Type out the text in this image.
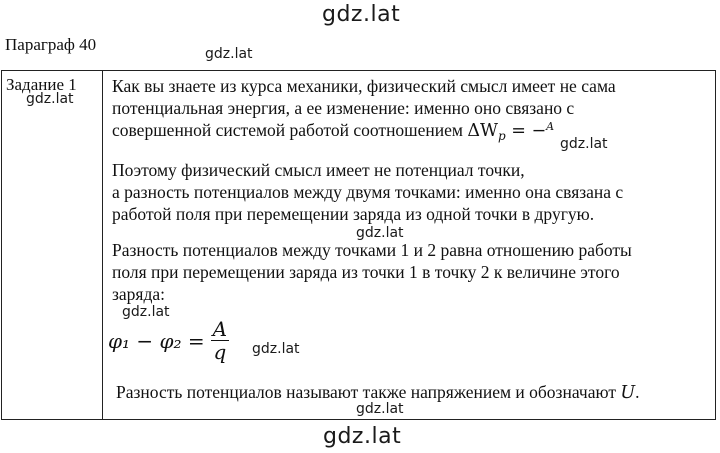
gdz.lat
gdz.lat
gdz.lat
Параграф 40
Задание 1 Как вы знаете из курса механики, физический смысл имеет не сама
потенциальная энергия, а ее изменение: именно оно связано с
совершенной системой работой соотношением $\Delta W_p = -^A$
Поэтому физический смысл имеет не потенциал точки,
а разность потенциалов между двумя точками: именно она связана с
работой поля при перемещении заряда из одной точки в другую.
Разность потенциалов между точками 1 и 2 равна отношению работы
поля при перемещении заряда из точки 1 в точку 2 к величине этого
заряда:
$\varphi_1 - \varphi_2 = \frac{A}{q}$
Разность потенциалов называют также напряжением и обозначают U.
gdz.lat
gdz.lat
gdz.lat
gdz.lat
gdz.lat
gdz.lat
